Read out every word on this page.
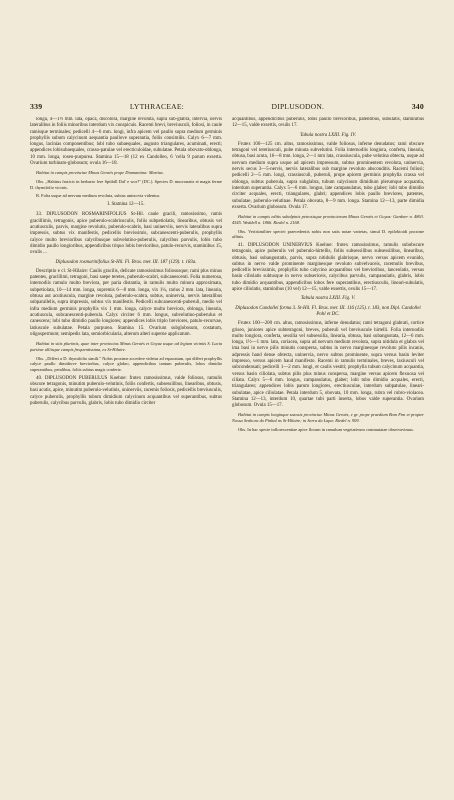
339	LYTHRACEAE:	DIPLUSODON.	340

longa, 4—1½ mm. lata, opaca, discolora, margine revoluta, supra sub-glabra, intervia, nervis lateralibus in foliis minoribus interdum vix conspicuis. Racemi brevi, breviusculi, foliosi, in caule ramisque terminales; pedicelli 4—6 mm. longi, infra apicem vel paullo supra medium germinis prophyllis subum calycinum aequantia paullove superantia, foliis consimilis. Calyx 6—7 mm. longus, lacinias componentibus; lobi tubo subaequales, augusto triangulares, acuminati, erecti; appendices lobisubaequales, crasso-patulae vel erecticuloidae, subulatae. Petala obovato-oblonga, 10 mm. longa, roseo-purpurea. Stamina 15—18 (12 ex Candolleo, 6 'cella 9 parum exserta. Ovarium turbinato-globosum; ovula 16—18.

Habitat in campis provinciae Minas Geraës prope Diamantina: Martius.

Obs. „Habitus fruticis in herbario fere Spitbill Dal' e wor?" (DC.). Species D. mucronatis et magis ferme D. thymifolio vicinis.

B. Folia usque ad nervum medium revoluta, subtus unincrvia videntur.

I. Stamina 12—15.

33. DIPLUSODON ROSMARINIFOLIUS St-Hil. caule gracili, ramosissimo, ramis gracillimis, tetragonis, apice puberulo-scabriusculis, foliis subpetiolatis, linearibus, obtusis vel acutiusculis, parvis, margine revolutis, puberulo-scabris, basi uninerviis, nervis lateralibus supra impressis, subtus vix manifestis, pedicellis brevissimis, subcanescenti-puberulis, prophyllis calyce multo brevioribus calycibusque subvelutino-puberulis, calycibus parvulis, lobis tubo dimidio paullo longioribus, appendicibus triquo lobis brevioribus, patulo-recurvis, staminibus 15, ovulis ...

Diplusodon rosmarinifolius St-Hil. Fl. Bras. mer. III. 187 (129). t. 183a.

Descriptio e cl. St-Hilaire: Caulis gracilis, delicate ramosissimus foliosusque; rami plus minus patentes, gracillimi, tetragoni, basi saepe teretes, puberulo-scabri, subcanescenti. Folia numerosa, internodiis ramulo multo breviora, per paria distantia, in ramulis multo minora approximata, subpetiolata, 10—14 mm. longa, supremis 6—8 mm. longa, vix 1¼, rarius 2 mm. lata, linearia, obtusa aut acutiuscula, margine revoluta, puberulo-scabra, subtus, uninervia, nervis lateralibus subparallelis, supra impressis, subtus vix manifestis. Pedicelli subcanescenti-puberuli, medio vel infra medium germinis prophyllis vix 1 mm. longa, calyce multo breviora, oblonga, linearia, acutiuscula, subcanescenti-puberula. Calyx circiter 6 mm. longus, subvelutino-puberulus et canescens; lobi tubo dimidio paullo longiores; appendices lobis triplo breviores, patulo-recurvae, latiuscule subulatae. Petala purpurea. Stamina 15. Ovarium subglobosum, costatum, oligospermum; semipedis lata, semiorbicularia, alterum alteri superne applicatum.

Habitat in sitis plurimis, quae inter provincias Minas Geraës et Goyaz usque ad legium viciniis S. Lucia partitur alliisque campis frequentissima, ex St-Hilaire.

Obs. „Differt a D. thymifolio simili." Nobis proxime accedere videtur ad espacatum, qui differt prophyllis calyce paullo dimidiove breviorbus, calyce glabro, appendicibus tantum puberulis, lobos dimidio superantibus, petalibus, foliis subtus magis conferte.

40. DIPLUSODON PUBERULUS Koehne: frutex ramosissimus, valde foliosus, ramulis obscure tetragonis, minutim puberulo-velutinis, foliis confertis, subsessilibus, linearibus, obtusis, basi acutis, apice, minutim puberulo-velutinis, uninerviis, racemis foliosis, pedicellis breviusculis, calyce puberulis, prophyllis tubum dimidium calycinum acquantibus vel superantibus, subtus puberulis, calycibus parvulis, glabris, lobis tubo dimidio circiter

acquantibus, appendicibus puberulis, lobis paullo brevioribus, patentibus, subulatis, staminibus 12—15, valde exsertis, ovulis 17.

Tabula nostra LXIII. Fig. IV.

Frutex 100—125 cm. altus, ramosissimus, valde foliosus, inferne denudatus; rami obscure tetragoni vel teretiusculi, pube minuta subvelutini. Folia internodiis longiora, conferta, linearia, obtusa, basi acuta, 16—8 mm. longa, 2—1 mm lata, crassiuscula, pube velutina obtecta, usque ad nervum medium supra usque ad apicem impressum, subtus prominentem revoluta, uninervia, nervis secus 3—5-nervis, nervis lateralibus sub margine revoluto absconditis. Racemi foliosi; pedicelli 2—5 mm. longi, crassiusculi, puberuli, prope apicem germinis prophylla crassa vel oblonga, subtus puberula, supra subglabra, tubum calycinum dimidium plerumque acquantia, interdum superantia. Calyx 5—6 mm. longus, late campanulatus, tubo glaber; lobi tubo dimidio circiter acquales, erecti, triangulares, glabri; appendices lobis paullo breviores, patentes, subulatae, puberulo-velutinae. Petala obovata, 8—9 mm. longa. Stamina 12—13, parte dimidia exserta. Ovarium globosum. Ovula 17.

Habitat in campis editis subalpinis petrosisque provinciarum Minas Geraës et Goyaz: Gardner n. 4863. 4545. Weddell n. 1866. Riedel n. 2168.

Obs. Veriisimiliter speciei praecedentis nobis non satis notae varietas, simul D. epilobioidi proxime affinis.

41. DIPLUSODON UNINERVIUS Koehne: frutex ramosissimus, ramulis subobscure tetragonis, apice puberulis vel puberulo-hirtellis, foliis subsessilibus subsessilibus, linearibus, obtusis, basi subangustatis, parvis, supra nitidulis glabrisque, nervo versus apicem evanido, subtus in nervo valde prominente marginesque revoluto subvelvaceis, racemulis brevibus, pedicellis brevissimis, prophyllis tubo calycino acquantibus vel brevioribus, lanceolatis, versus basin ciliolatis subtusque in nervo subsericeis, calycibus parvulis, campanulatis, glabris, lobis tubo dimidio acquantibus, appendicibus lobos fere superantibus, erectiusculis, lineari-subulatis, apice ciliolatis, staminibus (10 vel) 12—15, valde exsertis, ovulis 15—17.

Tabula nostra LXIII. Fig. V.

Diplusodon Candollei forma 3. St-Hil. Fl. Bras. mer. III. 116 (125). t. 183, non Dipl. Candollei Pohl et DC.

Frutex 100—200 cm. altus, ramosissimus, inferne denudatus; rami tetragoni glabrati, cortice griseo, juniores apice subtetragoni, breves, puberuli vel breviuscule hirtelli. Folia internodiis multo longiora, conferta, sessilia vel subsessilia, linearia, obtusa, basi subangustata, 12—6 mm. longa, 1½—1 mm. lata, coriacea, supra ad nervum medium revoluta, supra nitidula et glabra vel ima basi in nervo pilis minutis conspersa, subtus in nervo marginesque revoluto pilis incanis, adpressis hand dense obtecta, uninervia, nervo subtus prominente, supra versus basin leviter impresso, versus apicem haud manifesto. Racemi in ramulis terminales, breves, laxiusculi vel subcondensati; pedicelli 1—2 mm. longi, et caulis vestiti; prophylla tubum calycinum acquantia, versus basin ciliolata, subtus pilis plus minus conspersa, margine versus apicem flexuosa vel ciliata. Calyx 5—6 mm. longus, campanulatus, glaber; lobi tubo dimidio acquales, erecti, triangulares; appendices lobis parum longiores, erectiusculae, interdum subpatulae, lineari-subulatae, apice ciliolatae. Petala interdum 5, obovata, 10 mm. longa, rubra vel rubro-violacea. Stamina 12—13, interdum 10, quartae tubi parti inserta, lobos valde superantia. Ovarium globosum. Ovula 15—17.

Habitat in campis longinque saxosis provinciae Minas Geraës, e gr. prope praedium Bom Fim et propter Nossa Senhora do Pinhal ns St-Hilaire; in Serra da Lapa: Riedel n. 909.

Obs. In hac specie inflorescentiae apice florum in ramulum vegetativum commutatae observavimus.
